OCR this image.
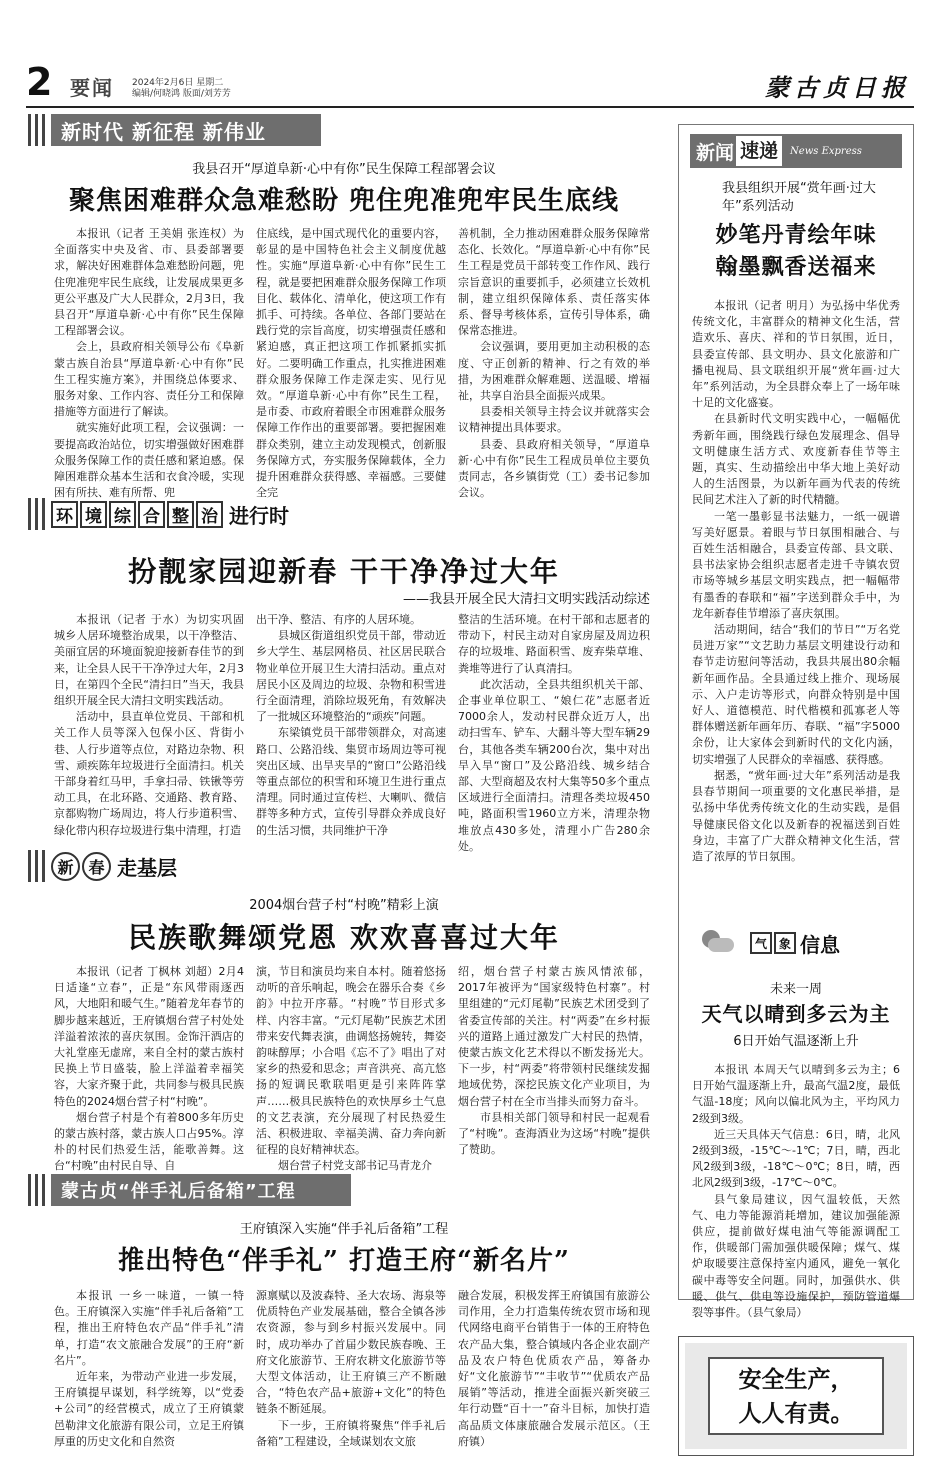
2 要闻 2024年2月6日 星期二
编辑/何晓鸿 版面/刘芳芳	蒙古贞日报
新时代 新征程 新伟业
我县召开“厚道阜新·心中有你”民生保障工程部署会议
聚焦困难群众急难愁盼 兜住兜准兜牢民生底线

本报讯（记者 王美娟 张连权）为全面落实中央及省、市、县委部署要求，解决好困难群体急难愁盼问题，兜住兜准兜牢民生底线，让发展成果更多更公平惠及广大人民群众，2月3日，我县召开“厚道阜新·心中有你”民生保障工程部署会议。

会上，县政府相关领导公布《阜新蒙古族自治县“厚道阜新·心中有你”民生工程实施方案》，并围绕总体要求、服务对象、工作内容、责任分工和保障措施等方面进行了解读。

就实施好此项工程，会议强调：一要提高政治站位，切实增强做好困难群众服务保障工作的责任感和紧迫感。保障困难群众基本生活和衣食冷暖，实现困有所扶、难有所帮、兜

住底线，是中国式现代化的重要内容，彰显的是中国特色社会主义制度优越性。实施“厚道阜新·心中有你”民生工程，就是要把困难群众服务保障工作项目化、载体化、清单化，使这项工作有抓手、可持续。各单位、各部门要站在践行党的宗旨高度，切实增强责任感和紧迫感，真正把这项工作抓紧抓实抓好。二要明确工作重点，扎实推进困难群众服务保障工作走深走实、见行见效。“厚道阜新·心中有你”民生工程，是市委、市政府着眼全市困难群众服务保障工作作出的重要部署。要把握困难群众类别，建立主动发现模式，创新服务保障方式，夯实服务保障载体，全力提升困难群众获得感、幸福感。三要健全完

善机制，全力推动困难群众服务保障常态化、长效化。“厚道阜新·心中有你”民生工程是党员干部转变工作作风、践行宗旨意识的重要抓手，必须建立长效机制，建立组织保障体系、责任落实体系、督导考核体系，宣传引导体系，确保常态推进。

会议强调，要用更加主动积极的态度、守正创新的精神、行之有效的举措，为困难群众解难题、送温暖、增福祉，共享自治县全面振兴成果。

县委相关领导主持会议并就落实会议精神提出具体要求。

县委、县政府相关领导，“厚道阜新·心中有你”民生工程成员单位主要负责同志，各乡镇街党（工）委书记参加会议。

环 境 综 合 整 治 进行时
扮靓家园迎新春 干干净净过大年
——我县开展全民大清扫文明实践活动综述

本报讯（记者 于水）为切实巩固城乡人居环境整治成果，以干净整洁、美丽宜居的环境面貌迎接新春佳节的到来，让全县人民干干净净过大年，2月3日，在第四个全民“清扫日”当天，我县组织开展全民大清扫文明实践活动。

活动中，县直单位党员、干部和机关工作人员等深入包保小区、背街小巷、人行步道等点位，对路边杂物、积雪、顽疾陈年垃圾进行全面清扫。机关干部身着红马甲，手拿扫帚、铁锹等劳动工具，在北环路、交通路、教育路、京都购物广场周边，将人行步道积雪、绿化带内积存垃圾进行集中清理，打造

出干净、整洁、有序的人居环境。

县城区街道组织党员干部，带动近乡大学生、基层网格员、社区居民联合物业单位开展卫生大清扫活动。重点对居民小区及周边的垃圾、杂物和积雪进行全面清理，消除垃圾死角，有效解决了一批城区环境整治的“顽疾”问题。

东梁镇党员干部带领群众，对高速路口、公路沿线、集贸市场周边等可视突出区域、出旱夹旱的“窗口”公路沿线等重点部位的积雪和环境卫生进行重点清理。同时通过宣传栏、大喇叭、微信群等多种方式，宣传引导群众养成良好的生活习惯，共同维护干净

整洁的生活环境。在村干部和志愿者的带动下，村民主动对自家房屋及周边积存的垃圾堆、路面积雪、废弃柴草堆、粪堆等进行了认真清扫。

此次活动，全县共组织机关干部、企事业单位职工、“娘仁花”志愿者近7000余人，发动村民群众近万人，出动扫雪车、铲车、大翻斗等大型车辆29台，其他各类车辆200台次，集中对出旱入旱“窗口”及公路沿线、城乡结合部、大型商超及农村大集等50多个重点区域进行全面清扫。清理各类垃圾450吨，路面积雪1960立方米，清理杂物堆放点430多处，清理小广告280余处。

新 春 走基层
2004烟台营子村“村晚”精彩上演
民族歌舞颂党恩 欢欢喜喜过大年

本报讯（记者 丁枫林 刘超）2月4日适逢“立春”，正是“东风带雨逐西风，大地阳和暖气生。”随着龙年春节的脚步越来越近，王府镇烟台营子村处处洋溢着浓浓的喜庆氛围。金饰汗酒店的大礼堂座无虚席，来自全村的蒙古族村民换上节日盛装，脸上洋溢着幸福笑容，大家齐聚于此，共同参与极具民族特色的2024烟台营子村“村晚”。

烟台营子村是个有着800多年历史的蒙古族村落，蒙古族人口占95%。淳朴的村民们热爱生活，能歌善舞。这台“村晚”由村民自导、自

演，节目和演员均来自本村。随着悠扬动听的音乐响起，晚会在器乐合奏《乡韵》中拉开序幕。“村晚”节目形式多样、内容丰富。“元灯尾勒”民族艺术团带来安代舞表演，曲调悠扬婉转，舞姿韵味醇厚；小合唱《忘不了》唱出了对家乡的热爱和思念；声音洪亮、高亢悠扬的短调民歌联唱更是引来阵阵掌声……极具民族特色的欢快厚乡土气息的文艺表演，充分展现了村民热爱生活、积极进取、幸福美满、奋力奔向新征程的良好精神状态。

烟台营子村党支部书记马青龙介

绍，烟台营子村蒙古族风情浓郁，2017年被评为“国家级特色村寨”。村里组建的“元灯尾勒”民族艺术团受到了省委宣传部的关注。村“两委”在乡村振兴的道路上通过激发广大村民的热情，使蒙古族文化艺术得以不断发扬光大。下一步，村“两委”将带领村民继续发掘地域优势，深挖民族文化产业项目，为烟台营子村在全市当排头而努力奋斗。

市县相关部门领导和村民一起观看了“村晚”。查海酒业为这场“村晚”提供了赞助。

蒙古贞“伴手礼后备箱”工程
王府镇深入实施“伴手礼后备箱”工程
推出特色“伴手礼” 打造王府“新名片”

本报讯 一乡一味道，一镇一特色。王府镇深入实施“伴手礼后备箱”工程，推出王府特色农产品“伴手礼”清单，打造“农文旅融合发展”的王府“新名片”。

近年来，为带动产业进一步发展，王府镇提早谋划，科学统筹，以“党委+公司”的经营模式，成立了王府镇蒙邑勒津文化旅游有限公司，立足王府镇厚重的历史文化和自然资

源禀赋以及波森特、圣大农场、海泉等优质特色产业发展基础，整合全镇各涉农资源，参与到乡村振兴发展中。同时，成功举办了首届少数民族春晚、王府文化旅游节、王府农耕文化旅游节等大型文体活动，让王府镇三产不断融合，“特色农产品+旅游+文化”的特色链条不断延展。

下一步，王府镇将聚焦“伴手礼后备箱”工程建设，全域谋划农文旅

融合发展，积极发挥王府镇国有旅游公司作用，全力打造集传统农贸市场和现代网络电商平台销售于一体的王府特色农产品大集，整合镇域内各企业农副产品及农户特色优质农产品，筹备办好“文化旅游节”“丰收节”“优质农产品展销”等活动，推进全面振兴新突破三年行动暨“百十一”奋斗目标，加快打造高品质文体康旅融合发展示范区。（王府镇）

新闻 速递	News Express
我县组织开展“赏年画·过大年”系列活动
妙笔丹青绘年味
翰墨飘香送福来

本报讯（记者 明月）为弘扬中华优秀传统文化，丰富群众的精神文化生活，营造欢乐、喜庆、祥和的节日氛围，近日，县委宣传部、县文明办、县文化旅游和广播电视局、县文联组织开展“赏年画·过大年”系列活动，为全县群众奉上了一场年味十足的文化盛宴。

在县新时代文明实践中心，一幅幅优秀新年画，围绕践行绿色发展理念、倡导文明健康生活方式、欢度新春佳节等主题，真实、生动描绘出中华大地上美好动人的生活图景，为以新年画为代表的传统民间艺术注入了新的时代精髓。

一笔一墨彰显书法魅力，一纸一砚谱写美好愿景。着眼与节日氛围相融合、与百姓生活相融合，县委宣传部、县文联、县书法家协会组织志愿者走进千寺镇农贸市场等城乡基层文明实践点，把一幅幅带有墨香的春联和“福”字送到群众手中，为龙年新春佳节增添了喜庆氛围。

活动期间，结合“我们的节日”“万名党员进万家”“文艺助力基层文明建设行动和春节走访慰问等活动，我县共展出80余幅新年画作品。全县通过线上推介、现场展示、入户走访等形式，向群众特别是中国好人、道德模范、时代楷模和孤寡老人等群体赠送新年画年历、春联、“福”字5000余份，让大家体会到新时代的文化内涵，切实增强了人民群众的幸福感、获得感。

据悉，“赏年画·过大年”系列活动是我县春节期间一项重要的文化惠民举措，是弘扬中华优秀传统文化的生动实践，是倡导健康民俗文化以及新春的祝福送到百姓身边，丰富了广大群众精神文化生活，营造了浓厚的节日氛围。

气 象 信息
未来一周
天气以晴到多云为主
6日开始气温逐渐上升

本报讯 本周天气以晴到多云为主；6日开始气温逐渐上升，最高气温2度，最低气温-18度；风向以偏北风为主，平均风力2级到3级。

近三天具体天气信息：6日，晴，北风2级到3级，-15℃～-1℃；7日，晴，西北风2级到3级，-18℃～0℃；8日，晴，西北风2级到3级，-17℃～0℃。

县气象局建议，因气温较低，天然气、电力等能源消耗增加，建议加强能源供应，提前做好煤电油气等能源调配工作，供暖部门需加强供暖保障；煤气、煤炉取暖要注意保持室内通风，避免一氧化碳中毒等安全问题。同时，加强供水、供暖、供气、供电等设施保护，预防管道爆裂等事件。（县气象局）

安全生产，
人人有责。
